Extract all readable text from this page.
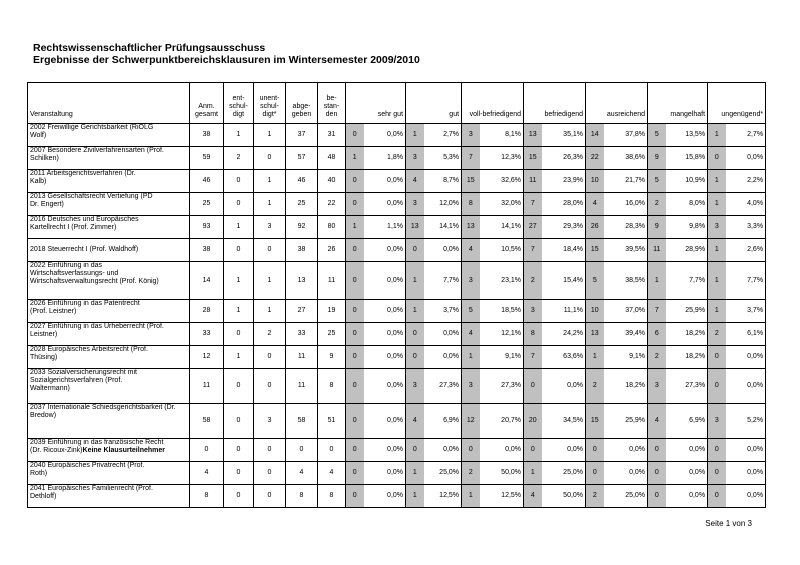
Rechtswissenschaftlicher Prüfungsausschuss
Ergebnisse der Schwerpunktbereichsklausuren im Wintersemester 2009/2010
Veranstaltung	Anm. gesamt	ent- schul- digt	unent- schul- digt*	abge- geben	be- stan- den	sehr gut		gut		voll-befriedigend		befriedigend		ausreichend		mangelhaft		ungenügend*	

2002 Freiwillige Gerichtsbarkeit (RiOLG
Wolf)	38	1	1	37	31	0	0,0%	1	2,7%	3	8,1%	13	35,1%	14	37,8%	5	13,5%	1	2,7%

2007 Besondere Zivilverfahrensarten (Prof.
Schilken)	59	2	0	57	48	1	1,8%	3	5,3%	7	12,3%	15	26,3%	22	38,6%	9	15,8%	0	0,0%

2011 Arbeitsgerichtsverfahren (Dr.
Kalb)	46	0	1	46	40	0	0,0%	4	8,7%	15	32,6%	11	23,9%	10	21,7%	5	10,9%	1	2,2%

2013 Gesellschaftsrecht Vertiefung (PD
Dr. Engert)	25	0	1	25	22	0	0,0%	3	12,0%	8	32,0%	7	28,0%	4	16,0%	2	8,0%	1	4,0%

2016 Deutsches und Europäisches
Kartellrecht I (Prof. Zimmer)	93	1	3	92	80	1	1,1%	13	14,1%	13	14,1%	27	29,3%	26	28,3%	9	9,8%	3	3,3%

2018 Steuerrecht I (Prof. Waldhoff)	38	0	0	38	26	0	0,0%	0	0,0%	4	10,5%	7	18,4%	15	39,5%	11	28,9%	1	2,6%

2022 Einführung in das
Wirtschaftsverfassungs- und
Wirtschaftsverwaltungsrecht (Prof. König)	14	1	1	13	11	0	0,0%	1	7,7%	3	23,1%	2	15,4%	5	38,5%	1	7,7%	1	7,7%

2026 Einführung in das Patentrecht
(Prof. Leistner)	28	1	1	27	19	0	0,0%	1	3,7%	5	18,5%	3	11,1%	10	37,0%	7	25,9%	1	3,7%

2027 Einführung in das Urheberrecht (Prof.
Leistner)	33	0	2	33	25	0	0,0%	0	0,0%	4	12,1%	8	24,2%	13	39,4%	6	18,2%	2	6,1%

2028 Europäisches Arbeitsrecht (Prof.
Thüsing)	12	1	0	11	9	0	0,0%	0	0,0%	1	9,1%	7	63,6%	1	9,1%	2	18,2%	0	0,0%

2033 Sozialversicherungsrecht mit
Sozialgerichtsverfahren (Prof.
Waltermann)	11	0	0	11	8	0	0,0%	3	27,3%	3	27,3%	0	0,0%	2	18,2%	3	27,3%	0	0,0%

2037 Internationale Schiedsgerichtsbarkeit (Dr.
Bredow)	58	0	3	58	51	0	0,0%	4	6,9%	12	20,7%	20	34,5%	15	25,9%	4	6,9%	3	5,2%

2039 Einführung in das französische Recht
(Dr. Ricoux-Zink)Keine Klausurteilnehmer	0	0	0	0	0	0	0,0%	0	0,0%	0	0,0%	0	0,0%	0	0,0%	0	0,0%	0	0,0%

2040 Europäisches Privatrecht (Prof.
Roth)	4	0	0	4	4	0	0,0%	1	25,0%	2	50,0%	1	25,0%	0	0,0%	0	0,0%	0	0,0%

2041 Europäisches Familienrecht (Prof.
Dethloff)	8	0	0	8	8	0	0,0%	1	12,5%	1	12,5%	4	50,0%	2	25,0%	0	0,0%	0	0,0%
Seite 1 von 3
